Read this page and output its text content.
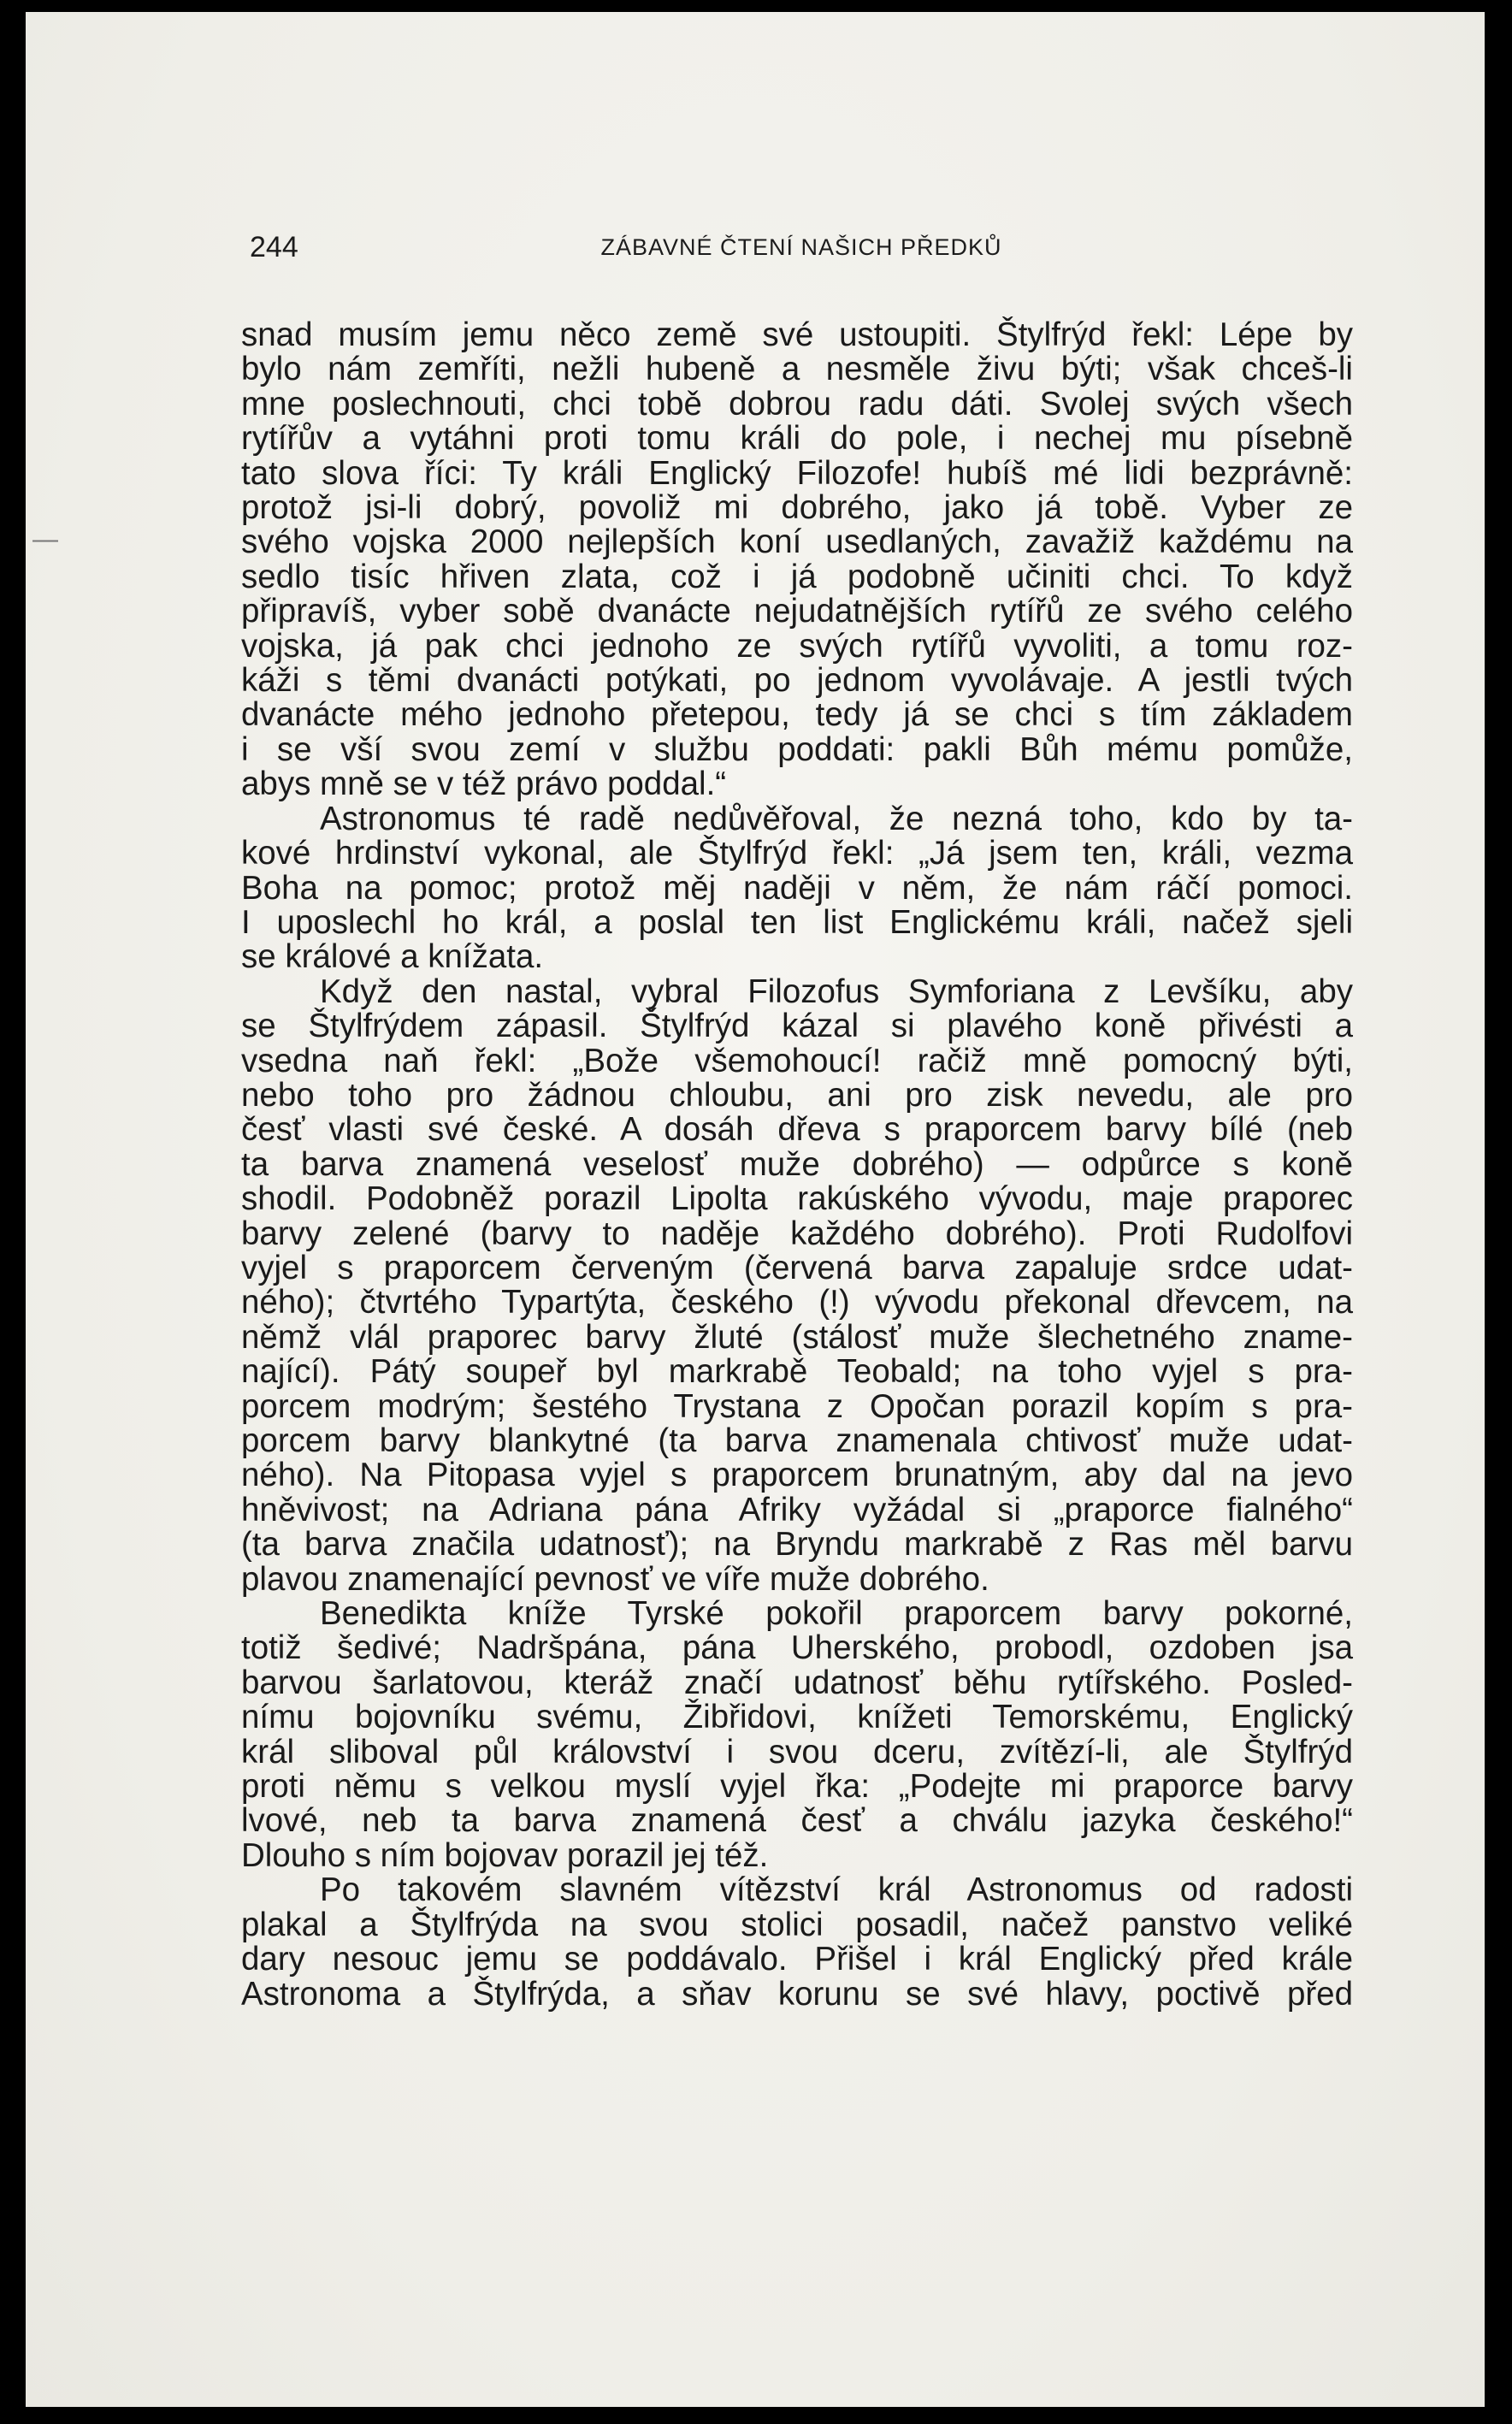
244	ZÁBAVNÉ ČTENÍ NAŠICH PŘEDKŮ
snad musím jemu něco země své ustoupiti. Štylfrýd řekl: Lépe by
bylo nám zemříti, nežli hubeně a nesměle živu býti; však chceš-li
mne poslechnouti, chci tobě dobrou radu dáti. Svolej svých všech
rytířův a vytáhni proti tomu králi do pole, i nechej mu písebně
tato slova říci: Ty králi Englický Filozofe! hubíš mé lidi bezprávně:
protož jsi-li dobrý, povoliž mi dobrého, jako já tobě. Vyber ze
svého vojska 2000 nejlepších koní usedlaných, zavažiž každému na
sedlo tisíc hřiven zlata, což i já podobně učiniti chci. To když
připravíš, vyber sobě dvanácte nejudatnějších rytířů ze svého celého
vojska, já pak chci jednoho ze svých rytířů vyvoliti, a tomu roz-
káži s těmi dvanácti potýkati, po jednom vyvolávaje. A jestli tvých
dvanácte mého jednoho přetepou, tedy já se chci s tím základem
i se vší svou zemí v službu poddati: pakli Bůh mému pomůže,
abys mně se v též právo poddal.“
Astronomus té radě nedůvěřoval, že nezná toho, kdo by ta-
kové hrdinství vykonal, ale Štylfrýd řekl: „Já jsem ten, králi, vezma
Boha na pomoc; protož měj naději v něm, že nám ráčí pomoci.
I uposlechl ho král, a poslal ten list Englickému králi, načež sjeli
se králové a knížata.
Když den nastal, vybral Filozofus Symforiana z Levšíku, aby
se Štylfrýdem zápasil. Štylfrýd kázal si plavého koně přivésti a
vsedna naň řekl: „Bože všemohoucí! račiž mně pomocný býti,
nebo toho pro žádnou chloubu, ani pro zisk nevedu, ale pro
česť vlasti své české. A dosáh dřeva s praporcem barvy bílé (neb
ta barva znamená veselosť muže dobrého) — odpůrce s koně
shodil. Podobněž porazil Lipolta rakúského vývodu, maje praporec
barvy zelené (barvy to naděje každého dobrého). Proti Rudolfovi
vyjel s praporcem červeným (červená barva zapaluje srdce udat-
ného); čtvrtého Typartýta, českého (!) vývodu překonal dřevcem, na
němž vlál praporec barvy žluté (stálosť muže šlechetného zname-
nající). Pátý soupeř byl markrabě Teobald; na toho vyjel s pra-
porcem modrým; šestého Trystana z Opočan porazil kopím s pra-
porcem barvy blankytné (ta barva znamenala chtivosť muže udat-
ného). Na Pitopasa vyjel s praporcem brunatným, aby dal na jevo
hněvivost; na Adriana pána Afriky vyžádal si „praporce fialného“
(ta barva značila udatnosť); na Bryndu markrabě z Ras měl barvu
plavou znamenající pevnosť ve víře muže dobrého.
Benedikta kníže Tyrské pokořil praporcem barvy pokorné,
totiž šedivé; Nadršpána, pána Uherského, probodl, ozdoben jsa
barvou šarlatovou, kteráž značí udatnosť běhu rytířského. Posled-
nímu bojovníku svému, Žibřidovi, knížeti Temorskému, Englický
král sliboval půl království i svou dceru, zvítězí-li, ale Štylfrýd
proti němu s velkou myslí vyjel řka: „Podejte mi praporce barvy
lvové, neb ta barva znamená česť a chválu jazyka českého!“
Dlouho s ním bojovav porazil jej též.
Po takovém slavném vítězství král Astronomus od radosti
plakal a Štylfrýda na svou stolici posadil, načež panstvo veliké
dary nesouc jemu se poddávalo. Přišel i král Englický před krále
Astronoma a Štylfrýda, a sňav korunu se své hlavy, poctivě před
—
